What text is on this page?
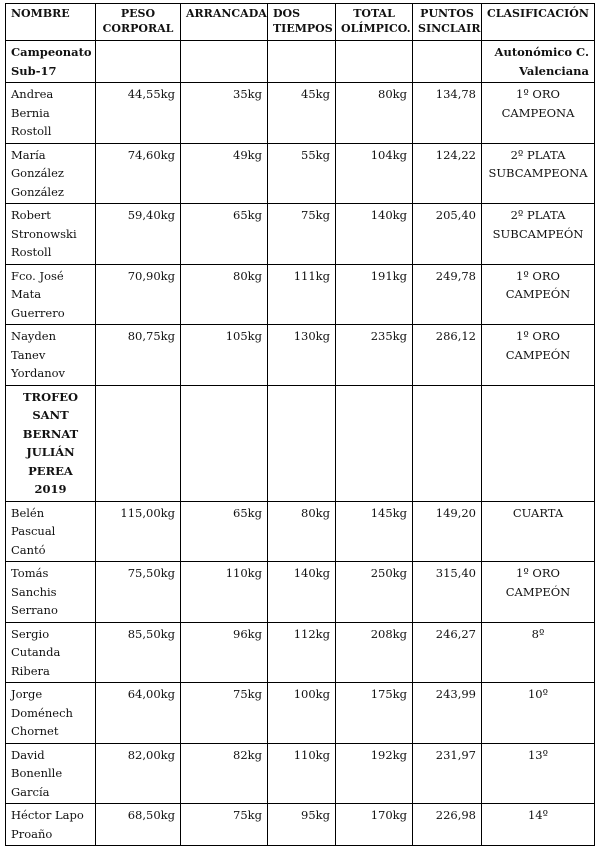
NOMBRE	PESO CORPORAL	ARRANCADA	DOS TIEMPOS	TOTAL OLÍMPICO.	PUNTOS SINCLAIR	CLASIFICACIÓN
Campeonato Sub-17						Autonómico C. Valenciana
Andrea Bernia Rostoll	44,55kg	35kg	45kg	80kg	134,78	1º ORO CAMPEONA
María González González	74,60kg	49kg	55kg	104kg	124,22	2º PLATA SUBCAMPEONA
Robert Stronowski Rostoll	59,40kg	65kg	75kg	140kg	205,40	2º PLATA SUBCAMPEÓN
Fco. José Mata Guerrero	70,90kg	80kg	111kg	191kg	249,78	1º ORO CAMPEÓN
Nayden Tanev Yordanov	80,75kg	105kg	130kg	235kg	286,12	1º ORO CAMPEÓN
TROFEO SANT BERNAT JULIÁN PEREA 2019						
Belén Pascual Cantó	115,00kg	65kg	80kg	145kg	149,20	CUARTA
Tomás Sanchis Serrano	75,50kg	110kg	140kg	250kg	315,40	1º ORO CAMPEÓN
Sergio Cutanda Ribera	85,50kg	96kg	112kg	208kg	246,27	8º
Jorge Doménech Chornet	64,00kg	75kg	100kg	175kg	243,99	10º
David Bonenlle García	82,00kg	82kg	110kg	192kg	231,97	13º
Héctor Lapo Proaño	68,50kg	75kg	95kg	170kg	226,98	14º
